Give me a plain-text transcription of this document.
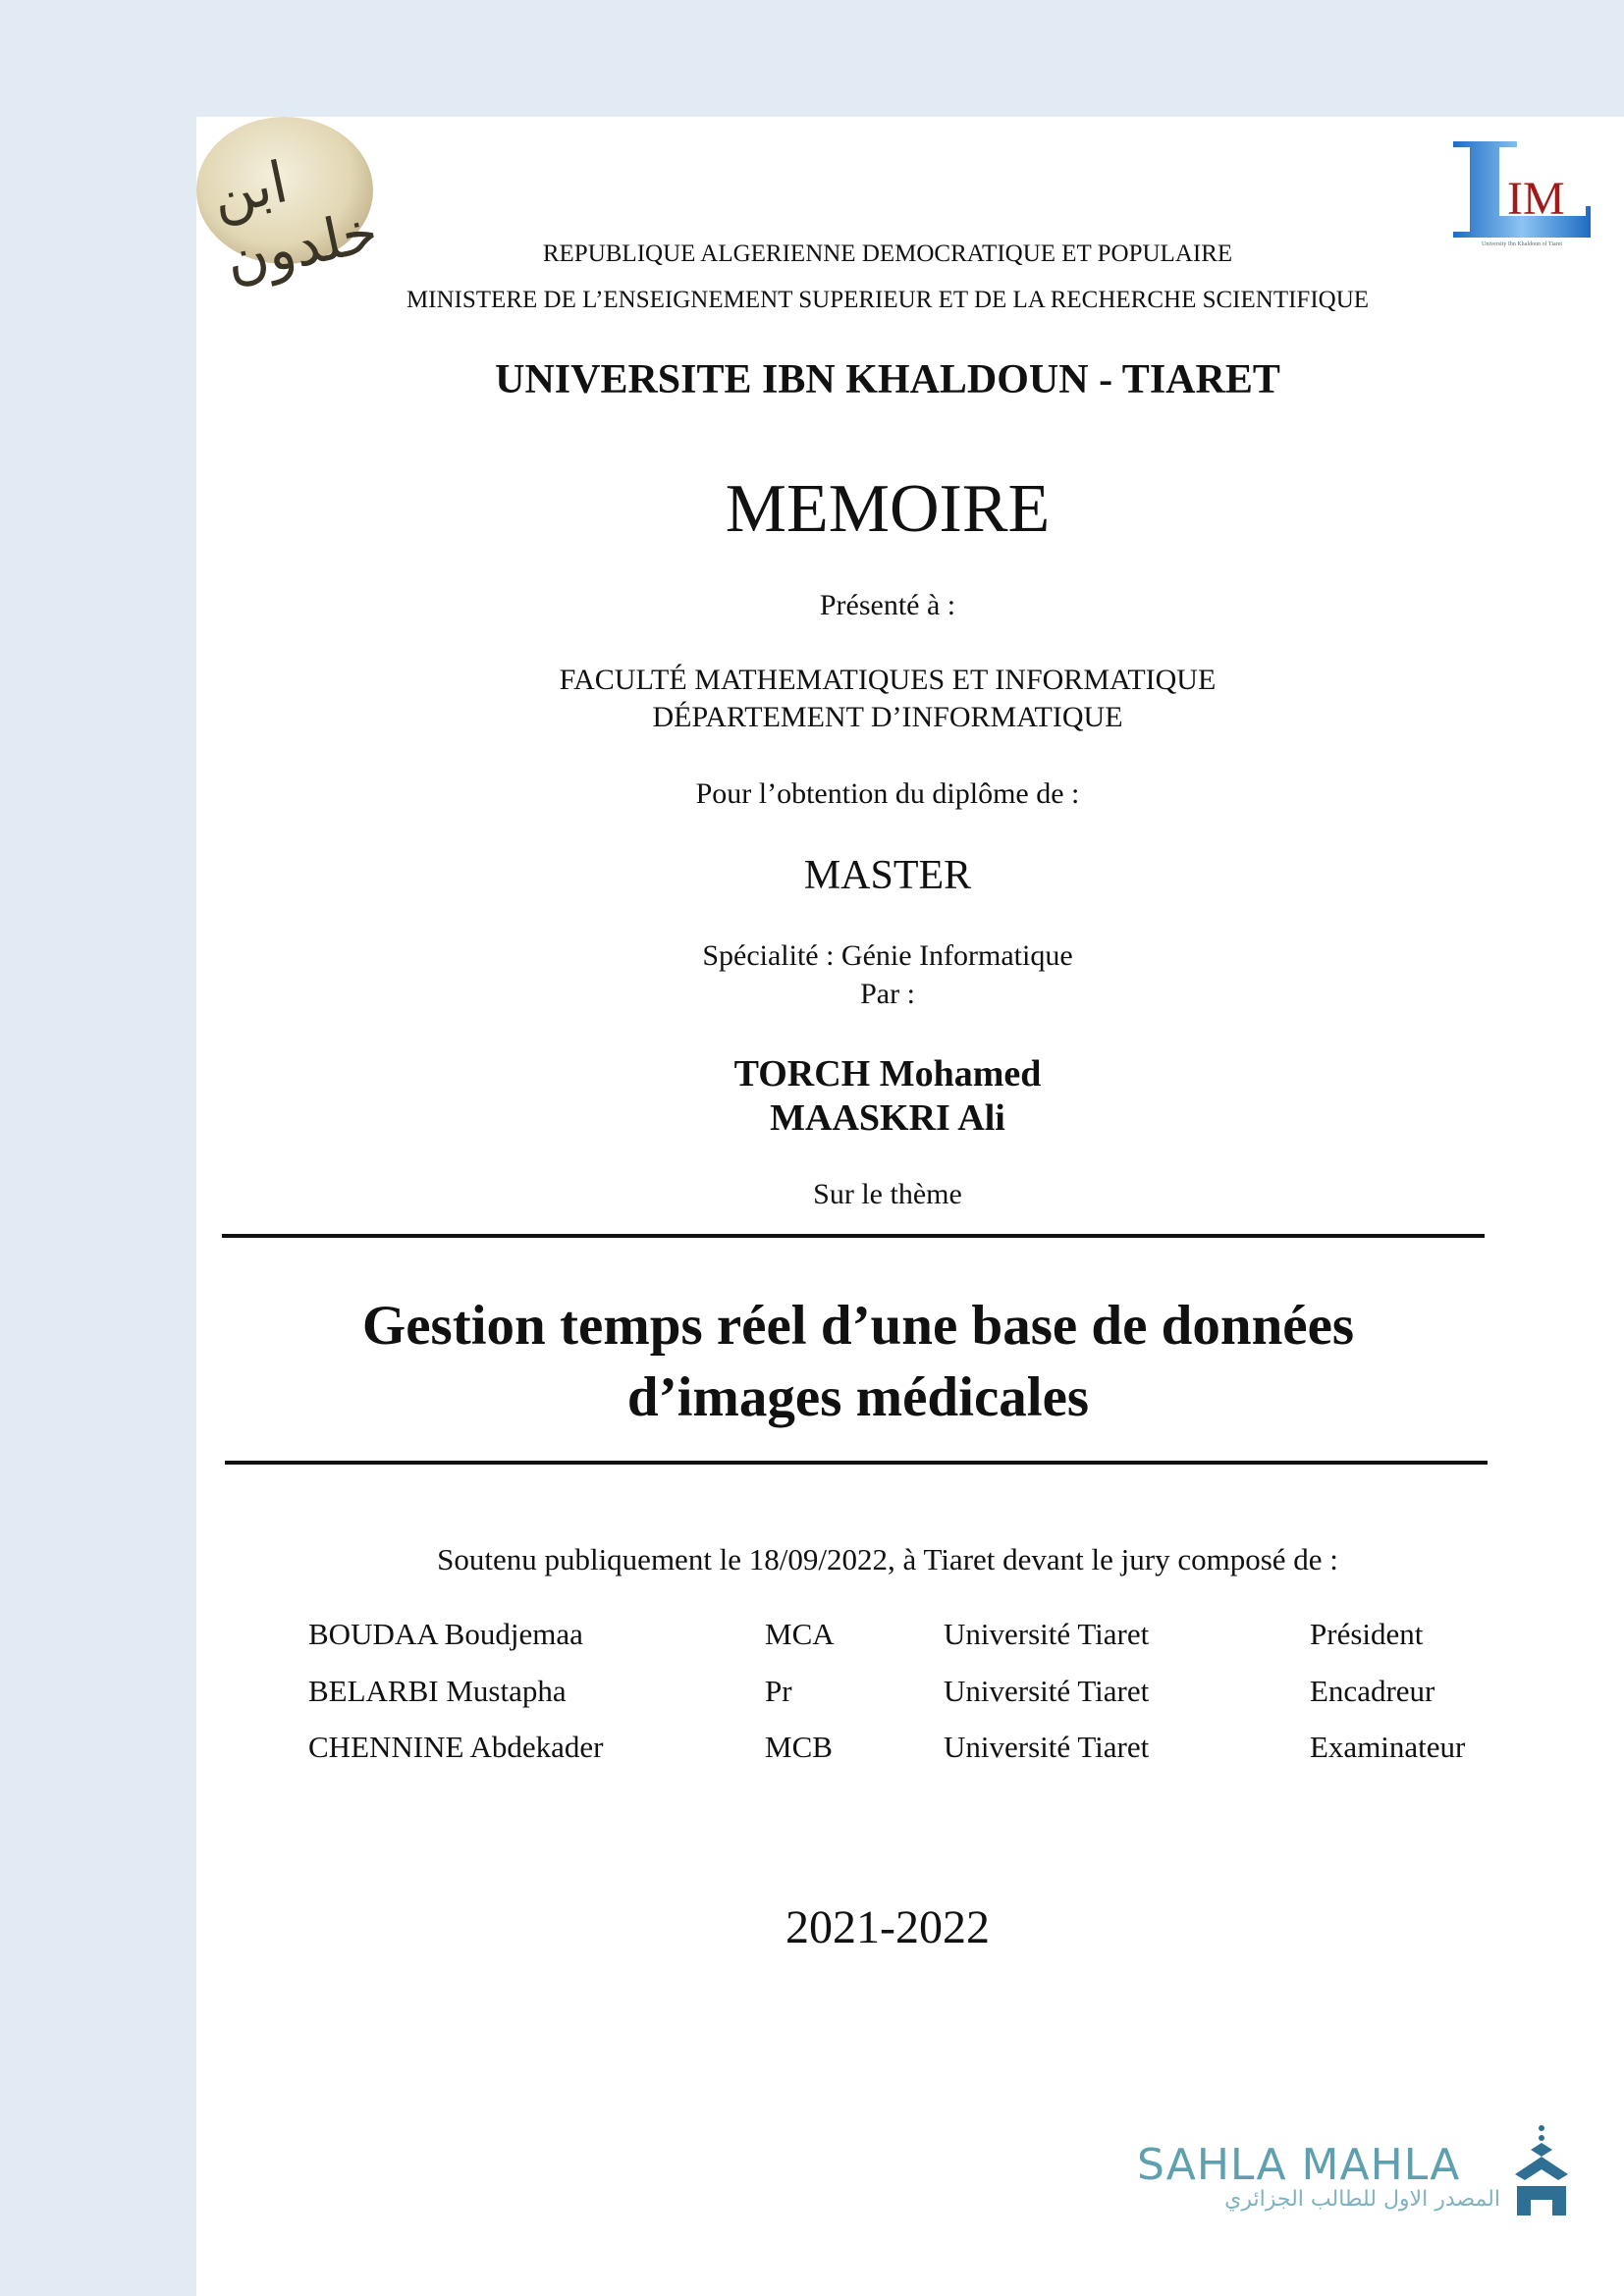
ابن خلدون	IM
University Ibn Khaldoun of Tiaret
REPUBLIQUE ALGERIENNE DEMOCRATIQUE ET POPULAIRE
MINISTERE DE L’ENSEIGNEMENT SUPERIEUR ET DE LA RECHERCHE SCIENTIFIQUE
UNIVERSITE IBN KHALDOUN - TIARET
MEMOIRE
Présenté à :
FACULTÉ MATHEMATIQUES ET INFORMATIQUE
DÉPARTEMENT D’INFORMATIQUE
Pour l’obtention du diplôme de :
MASTER
Spécialité : Génie Informatique
Par :
TORCH Mohamed
MAASKRI Ali
Sur le thème
Gestion temps réel d’une base de données
d’images médicales
Soutenu publiquement le 18/09/2022, à Tiaret devant le jury composé de :
BOUDAA Boudjemaa	MCA	Université Tiaret	Président
BELARBI Mustapha	Pr	Université Tiaret	Encadreur
CHENNINE Abdekader	MCB	Université Tiaret	Examinateur
2021-2022
SAHLA MAHLA
المصدر الاول للطالب الجزائري
